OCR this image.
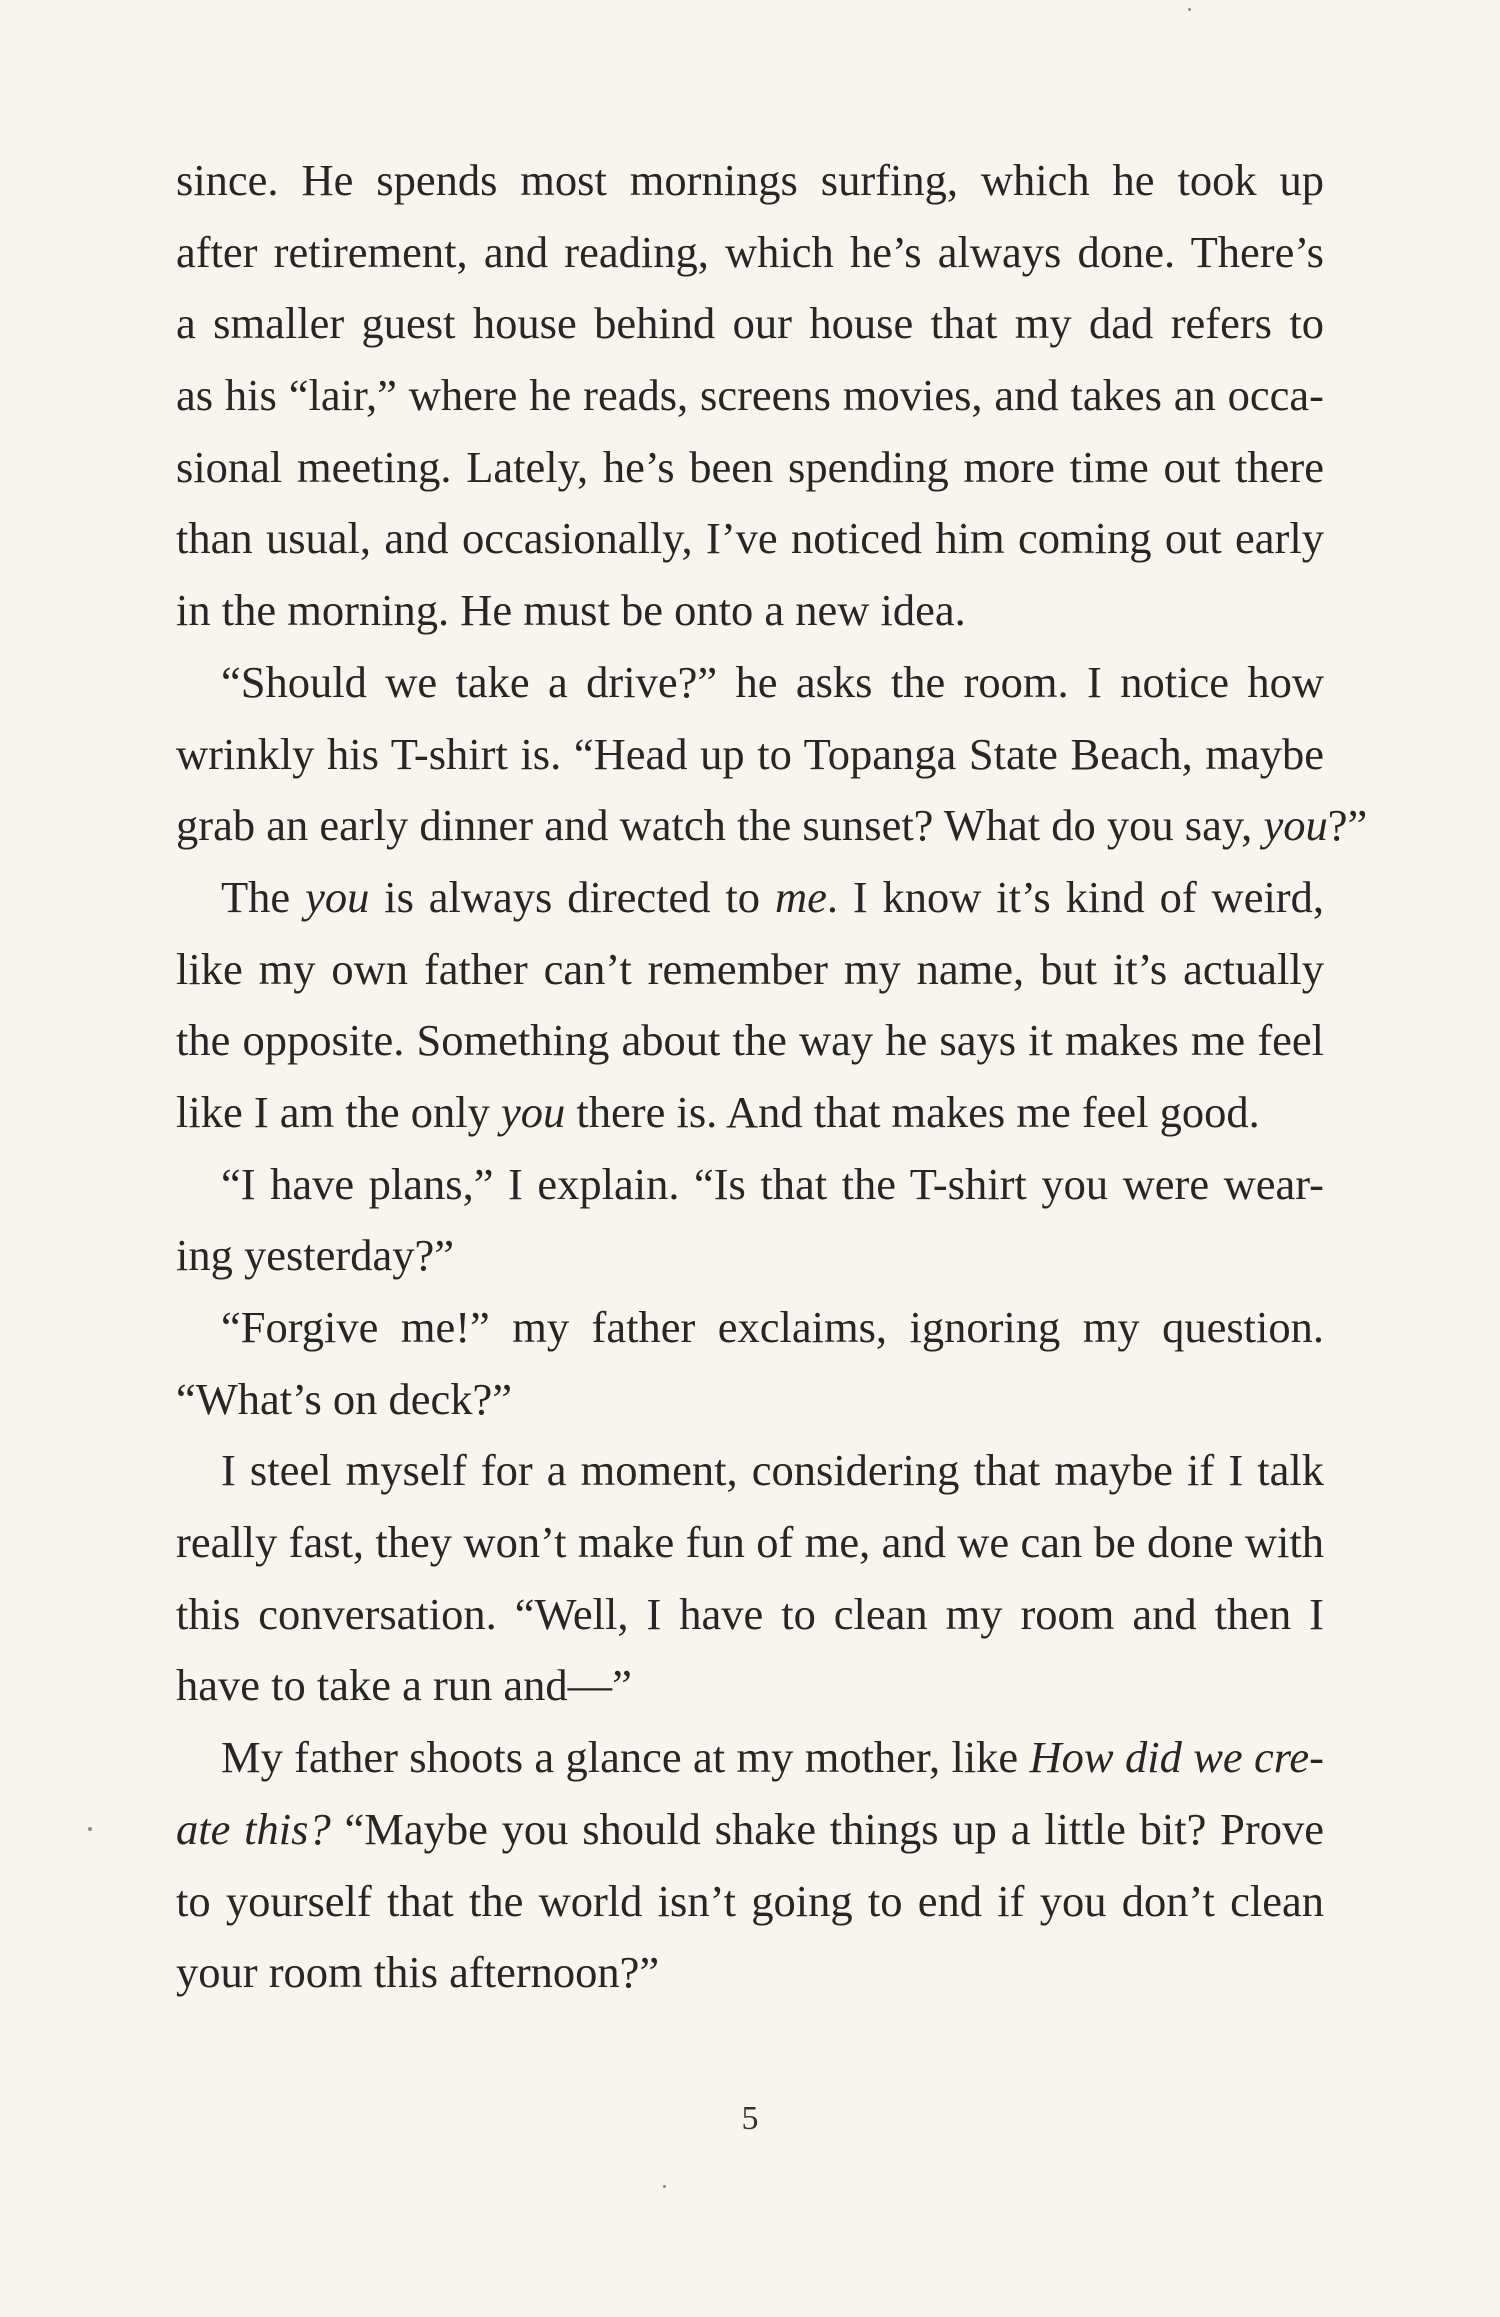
since. He spends most mornings surfing, which he took up
after retirement, and reading, which he’s always done. There’s
a smaller guest house behind our house that my dad refers to
as his “lair,” where he reads, screens movies, and takes an occa-
sional meeting. Lately, he’s been spending more time out there
than usual, and occasionally, I’ve noticed him coming out early
in the morning. He must be onto a new idea.
“Should we take a drive?” he asks the room. I notice how
wrinkly his T-shirt is. “Head up to Topanga State Beach, maybe
grab an early dinner and watch the sunset? What do you say, you?”
The you is always directed to me. I know it’s kind of weird,
like my own father can’t remember my name, but it’s actually
the opposite. Something about the way he says it makes me feel
like I am the only you there is. And that makes me feel good.
“I have plans,” I explain. “Is that the T-shirt you were wear-
ing yesterday?”
“Forgive me!” my father exclaims, ignoring my question.
“What’s on deck?”
I steel myself for a moment, considering that maybe if I talk
really fast, they won’t make fun of me, and we can be done with
this conversation. “Well, I have to clean my room and then I
have to take a run and—”
My father shoots a glance at my mother, like How did we cre-
ate this? “Maybe you should shake things up a little bit? Prove
to yourself that the world isn’t going to end if you don’t clean
your room this afternoon?”
5
